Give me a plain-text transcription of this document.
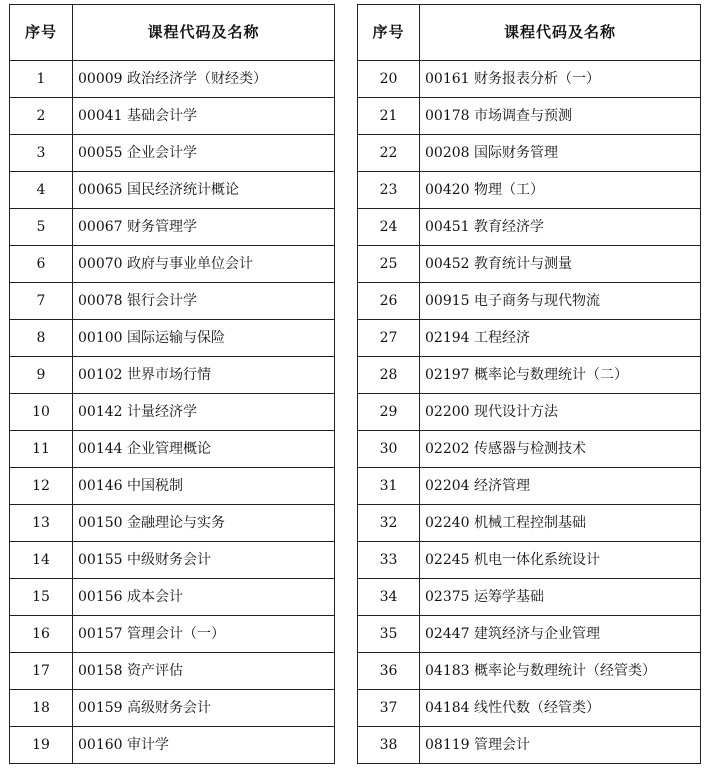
序号	课程代码及名称
1	00009 政治经济学（财经类）
2	00041 基础会计学
3	00055 企业会计学
4	00065 国民经济统计概论
5	00067 财务管理学
6	00070 政府与事业单位会计
7	00078 银行会计学
8	00100 国际运输与保险
9	00102 世界市场行情
10	00142 计量经济学
11	00144 企业管理概论
12	00146 中国税制
13	00150 金融理论与实务
14	00155 中级财务会计
15	00156 成本会计
16	00157 管理会计（一）
17	00158 资产评估
18	00159 高级财务会计
19	00160 审计学
序号	课程代码及名称
20	00161 财务报表分析（一）
21	00178 市场调查与预测
22	00208 国际财务管理
23	00420 物理（工）
24	00451 教育经济学
25	00452 教育统计与测量
26	00915 电子商务与现代物流
27	02194 工程经济
28	02197 概率论与数理统计（二）
29	02200 现代设计方法
30	02202 传感器与检测技术
31	02204 经济管理
32	02240 机械工程控制基础
33	02245 机电一体化系统设计
34	02375 运筹学基础
35	02447 建筑经济与企业管理
36	04183 概率论与数理统计（经管类）
37	04184 线性代数（经管类）
38	08119 管理会计
